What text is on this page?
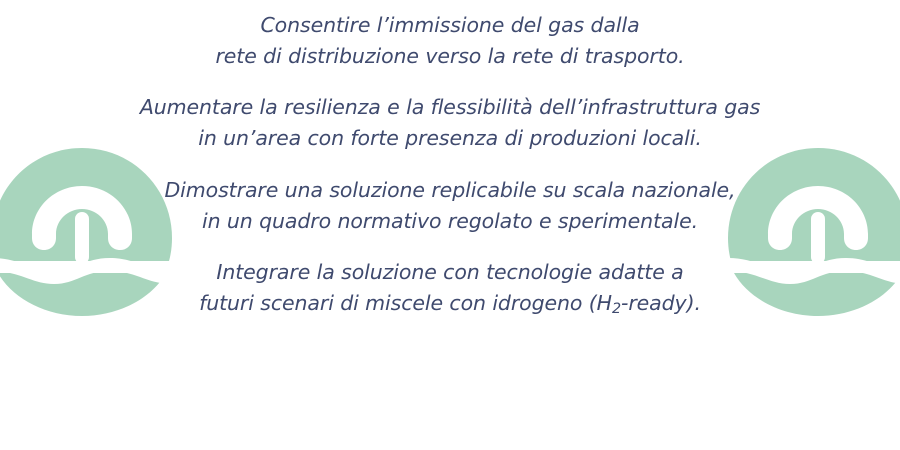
Consentire l’immissione del gas dalla
rete di distribuzione verso la rete di trasporto.

Aumentare la resilienza e la flessibilità dell’infrastruttura gas
in un’area con forte presenza di produzioni locali.

Dimostrare una soluzione replicabile su scala nazionale,
in un quadro normativo regolato e sperimentale.

Integrare la soluzione con tecnologie adatte a
futuri scenari di miscele con idrogeno $(H_2-ready)$.
